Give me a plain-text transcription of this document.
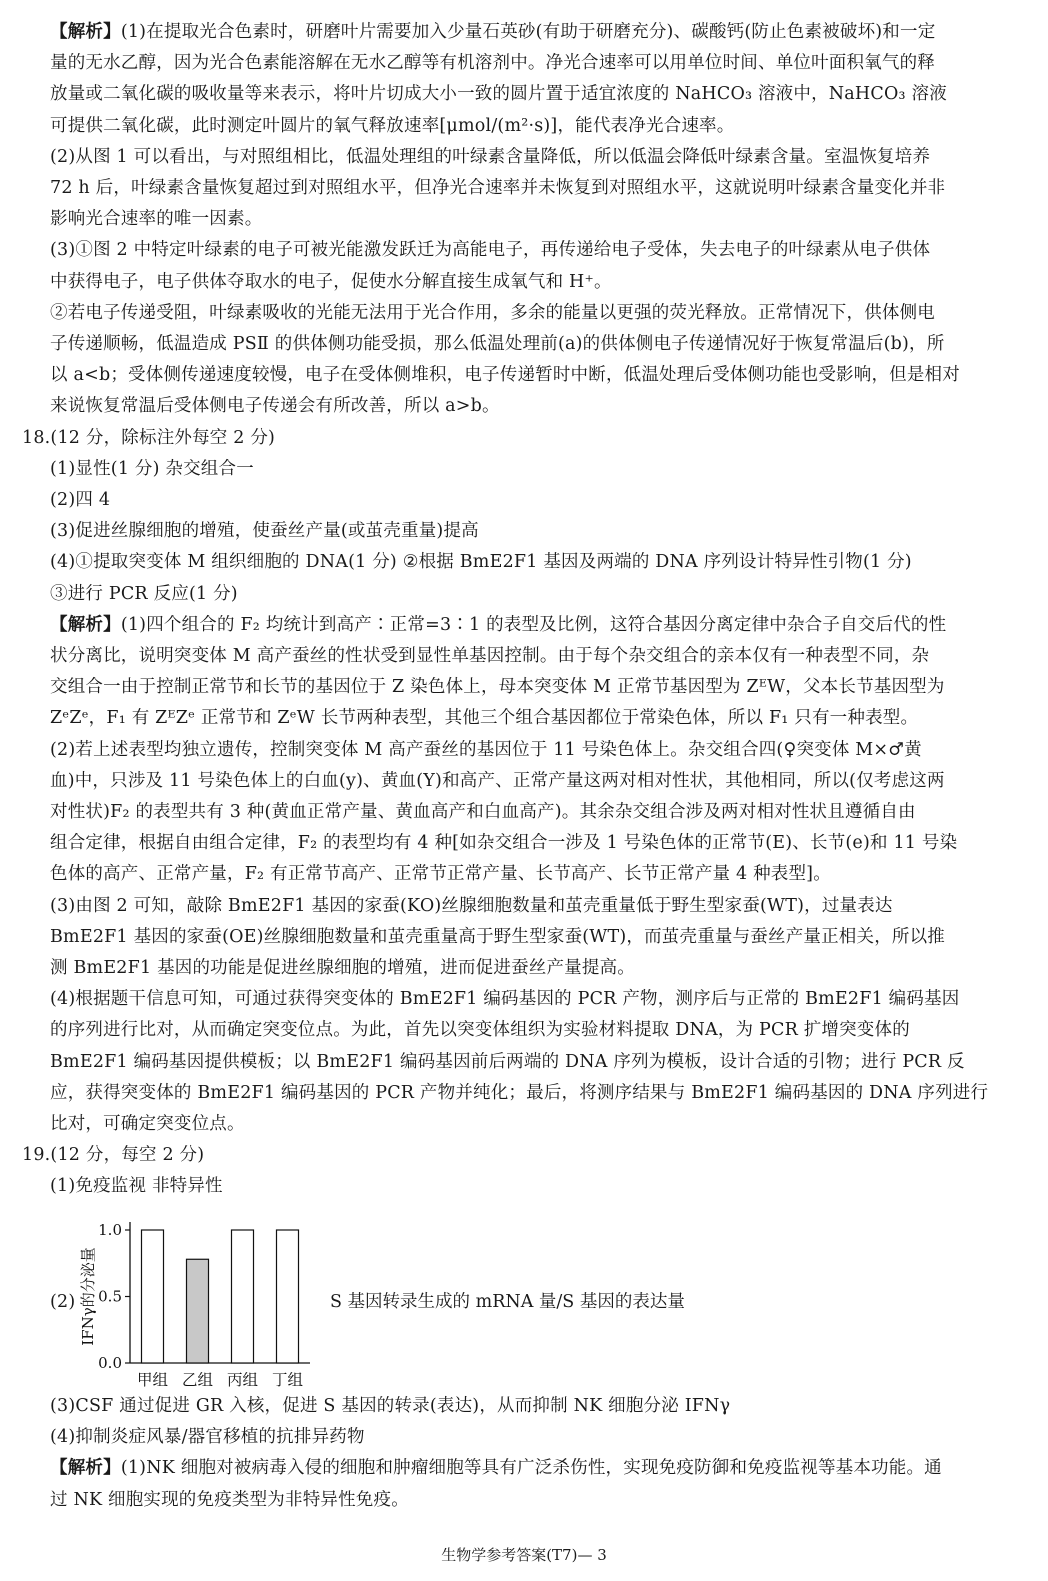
【解析】(1)在提取光合色素时，研磨叶片需要加入少量石英砂(有助于研磨充分)、碳酸钙(防止色素被破坏)和一定
量的无水乙醇，因为光合色素能溶解在无水乙醇等有机溶剂中。净光合速率可以用单位时间、单位叶面积氧气的释
放量或二氧化碳的吸收量等来表示，将叶片切成大小一致的圆片置于适宜浓度的 NaHCO₃ 溶液中，NaHCO₃ 溶液
可提供二氧化碳，此时测定叶圆片的氧气释放速率[μmol/(m²·s)]，能代表净光合速率。
(2)从图 1 可以看出，与对照组相比，低温处理组的叶绿素含量降低，所以低温会降低叶绿素含量。室温恢复培养
72 h 后，叶绿素含量恢复超过到对照组水平，但净光合速率并未恢复到对照组水平，这就说明叶绿素含量变化并非
影响光合速率的唯一因素。
(3)①图 2 中特定叶绿素的电子可被光能激发跃迁为高能电子，再传递给电子受体，失去电子的叶绿素从电子供体
中获得电子，电子供体夺取水的电子，促使水分解直接生成氧气和 H⁺。
②若电子传递受阻，叶绿素吸收的光能无法用于光合作用，多余的能量以更强的荧光释放。正常情况下，供体侧电
子传递顺畅，低温造成 PSⅡ 的供体侧功能受损，那么低温处理前(a)的供体侧电子传递情况好于恢复常温后(b)，所
以 a<b；受体侧传递速度较慢，电子在受体侧堆积，电子传递暂时中断，低温处理后受体侧功能也受影响，但是相对
来说恢复常温后受体侧电子传递会有所改善，所以 a>b。
18.(12 分，除标注外每空 2 分)
(1)显性(1 分) 杂交组合一
(2)四 4
(3)促进丝腺细胞的增殖，使蚕丝产量(或茧壳重量)提高
(4)①提取突变体 M 组织细胞的 DNA(1 分) ②根据 BmE2F1 基因及两端的 DNA 序列设计特异性引物(1 分)
③进行 PCR 反应(1 分)
【解析】(1)四个组合的 F₂ 均统计到高产∶正常=3∶1 的表型及比例，这符合基因分离定律中杂合子自交后代的性
状分离比，说明突变体 M 高产蚕丝的性状受到显性单基因控制。由于每个杂交组合的亲本仅有一种表型不同，杂
交组合一由于控制正常节和长节的基因位于 Z 染色体上，母本突变体 M 正常节基因型为 ZᴱW，父本长节基因型为
ZᵉZᵉ，F₁ 有 ZᴱZᵉ 正常节和 ZᵉW 长节两种表型，其他三个组合基因都位于常染色体，所以 F₁ 只有一种表型。
(2)若上述表型均独立遗传，控制突变体 M 高产蚕丝的基因位于 11 号染色体上。杂交组合四(♀突变体 M×♂黄
血)中，只涉及 11 号染色体上的白血(y)、黄血(Y)和高产、正常产量这两对相对性状，其他相同，所以(仅考虑这两
对性状)F₂ 的表型共有 3 种(黄血正常产量、黄血高产和白血高产)。其余杂交组合涉及两对相对性状且遵循自由
组合定律，根据自由组合定律，F₂ 的表型均有 4 种[如杂交组合一涉及 1 号染色体的正常节(E)、长节(e)和 11 号染
色体的高产、正常产量，F₂ 有正常节高产、正常节正常产量、长节高产、长节正常产量 4 种表型]。
(3)由图 2 可知，敲除 BmE2F1 基因的家蚕(KO)丝腺细胞数量和茧壳重量低于野生型家蚕(WT)，过量表达
BmE2F1 基因的家蚕(OE)丝腺细胞数量和茧壳重量高于野生型家蚕(WT)，而茧壳重量与蚕丝产量正相关，所以推
测 BmE2F1 基因的功能是促进丝腺细胞的增殖，进而促进蚕丝产量提高。
(4)根据题干信息可知，可通过获得突变体的 BmE2F1 编码基因的 PCR 产物，测序后与正常的 BmE2F1 编码基因
的序列进行比对，从而确定突变位点。为此，首先以突变体组织为实验材料提取 DNA，为 PCR 扩增突变体的
BmE2F1 编码基因提供模板；以 BmE2F1 编码基因前后两端的 DNA 序列为模板，设计合适的引物；进行 PCR 反
应，获得突变体的 BmE2F1 编码基因的 PCR 产物并纯化；最后，将测序结果与 BmE2F1 编码基因的 DNA 序列进行
比对，可确定突变位点。
19.(12 分，每空 2 分)
(1)免疫监视 非特异性
(2)
0.0
0.5
1.0
IFNγ的分泌量
甲组 乙组 丙组 丁组
S 基因转录生成的 mRNA 量/S 基因的表达量
(3)CSF 通过促进 GR 入核，促进 S 基因的转录(表达)，从而抑制 NK 细胞分泌 IFNγ
(4)抑制炎症风暴/器官移植的抗排异药物
【解析】(1)NK 细胞对被病毒入侵的细胞和肿瘤细胞等具有广泛杀伤性，实现免疫防御和免疫监视等基本功能。通
过 NK 细胞实现的免疫类型为非特异性免疫。
生物学参考答案(T7)— 3
